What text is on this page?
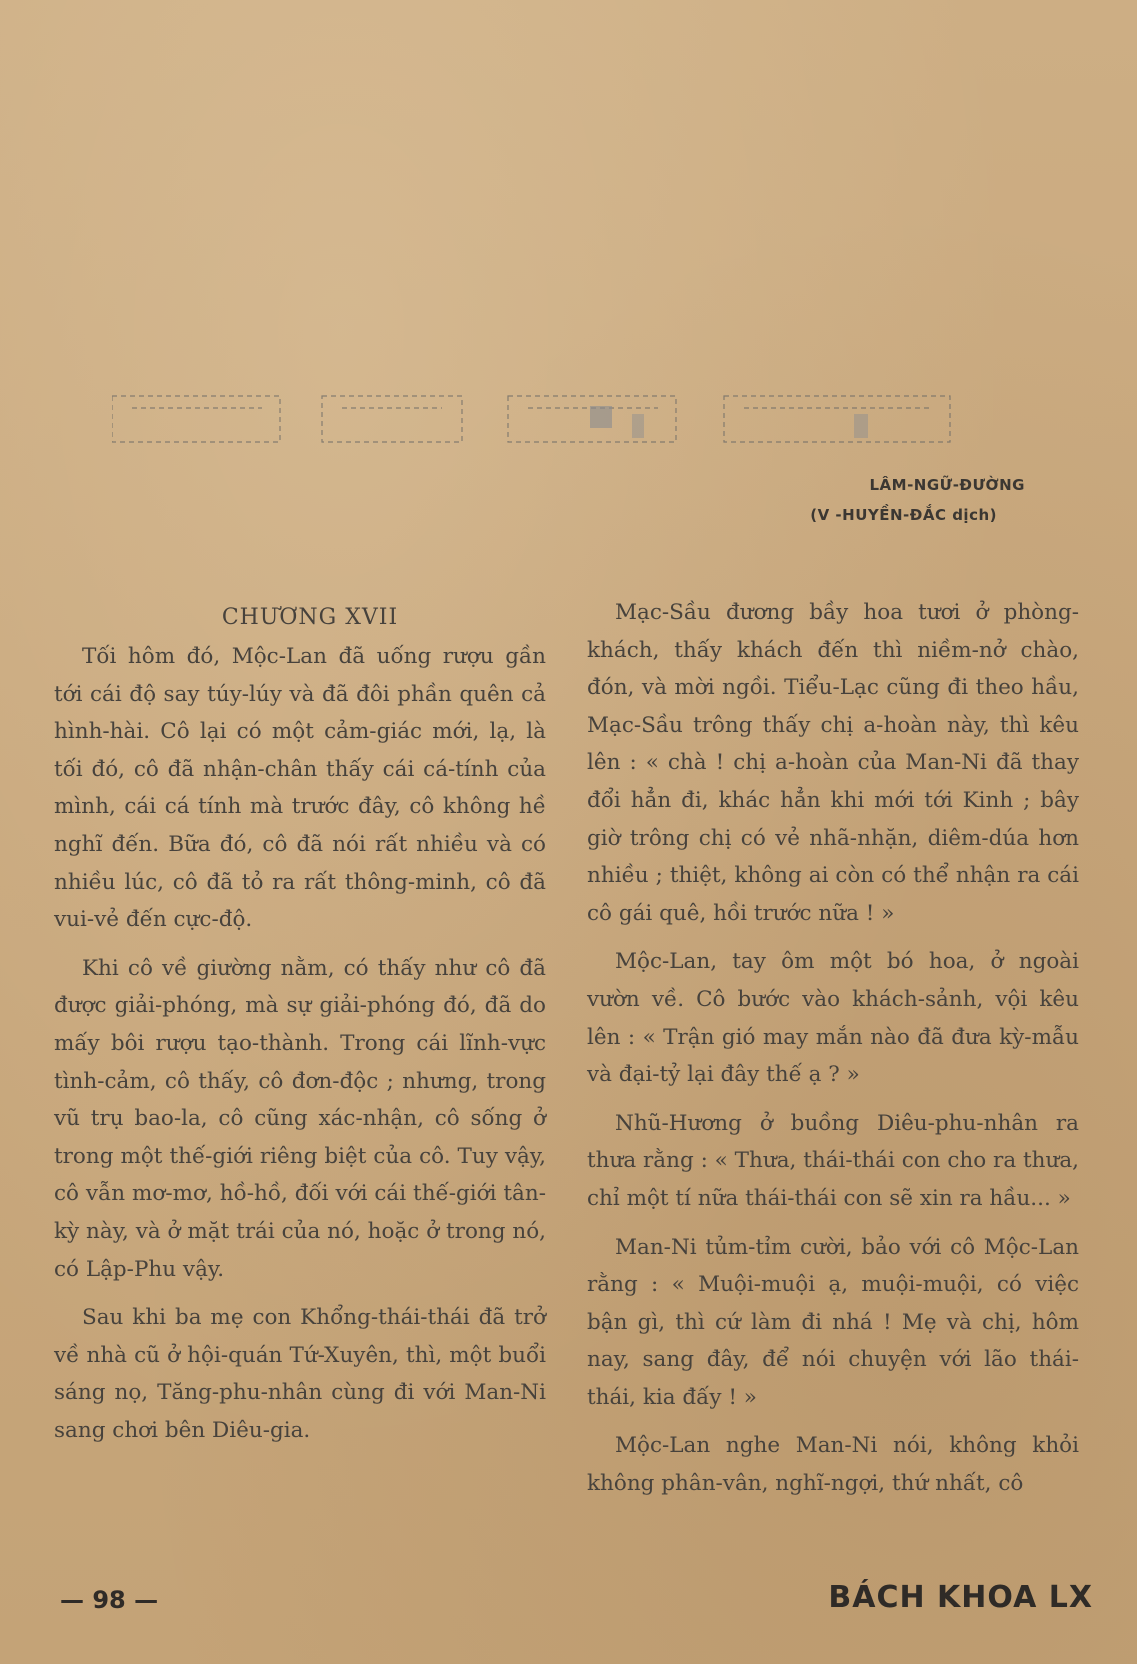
LÂM-NGỮ-ĐƯỜNG
(V -HUYỀN-ĐẮC dịch)
CHƯƠNG XVII

Tối hôm đó, Mộc-Lan đã uống rượu gần tới cái độ say túy-lúy và đã đôi phần quên cả hình-hài. Cô lại có một cảm-giác mới, lạ, là tối đó, cô đã nhận-chân thấy cái cá-tính của mình, cái cá tính mà trước đây, cô không hề nghĩ đến. Bữa đó, cô đã nói rất nhiều và có nhiều lúc, cô đã tỏ ra rất thông-minh, cô đã vui-vẻ đến cực-độ.

Khi cô về giường nằm, có thấy như cô đã được giải-phóng, mà sự giải-phóng đó, đã do mấy bôi rượu tạo-thành. Trong cái lĩnh-vực tình-cảm, cô thấy, cô đơn-độc ; nhưng, trong vũ trụ bao-la, cô cũng xác-nhận, cô sống ở trong một thế-giới riêng biệt của cô. Tuy vậy, cô vẫn mơ-mơ, hồ-hồ, đối với cái thế-giới tân-kỳ này, và ở mặt trái của nó, hoặc ở trong nó, có Lập-Phu vậy.

Sau khi ba mẹ con Khổng-thái-thái đã trở về nhà cũ ở hội-quán Tứ-Xuyên, thì, một buổi sáng nọ, Tăng-phu-nhân cùng đi với Man-Ni sang chơi bên Diêu-gia.

Mạc-Sầu đương bầy hoa tươi ở phòng-khách, thấy khách đến thì niềm-nở chào, đón, và mời ngồi. Tiểu-Lạc cũng đi theo hầu, Mạc-Sầu trông thấy chị a-hoàn này, thì kêu lên : « chà ! chị a-hoàn của Man-Ni đã thay đổi hẳn đi, khác hẳn khi mới tới Kinh ; bây giờ trông chị có vẻ nhã-nhặn, diêm-dúa hơn nhiều ; thiệt, không ai còn có thể nhận ra cái cô gái quê, hồi trước nữa ! »

Mộc-Lan, tay ôm một bó hoa, ở ngoài vườn về. Cô bước vào khách-sảnh, vội kêu lên : « Trận gió may mắn nào đã đưa kỳ-mẫu và đại-tỷ lại đây thế ạ ? »

Nhũ-Hương ở buồng Diêu-phu-nhân ra thưa rằng : « Thưa, thái-thái con cho ra thưa, chỉ một tí nữa thái-thái con sẽ xin ra hầu... »

Man-Ni tủm-tỉm cười, bảo với cô Mộc-Lan rằng : « Muội-muội ạ, muội-muội, có việc bận gì, thì cứ làm đi nhá ! Mẹ và chị, hôm nay, sang đây, để nói chuyện với lão thái-thái, kia đấy ! »

Mộc-Lan nghe Man-Ni nói, không khỏi không phân-vân, nghĩ-ngợi, thứ nhất, cô

— 98 —	BÁCH KHOA LX
